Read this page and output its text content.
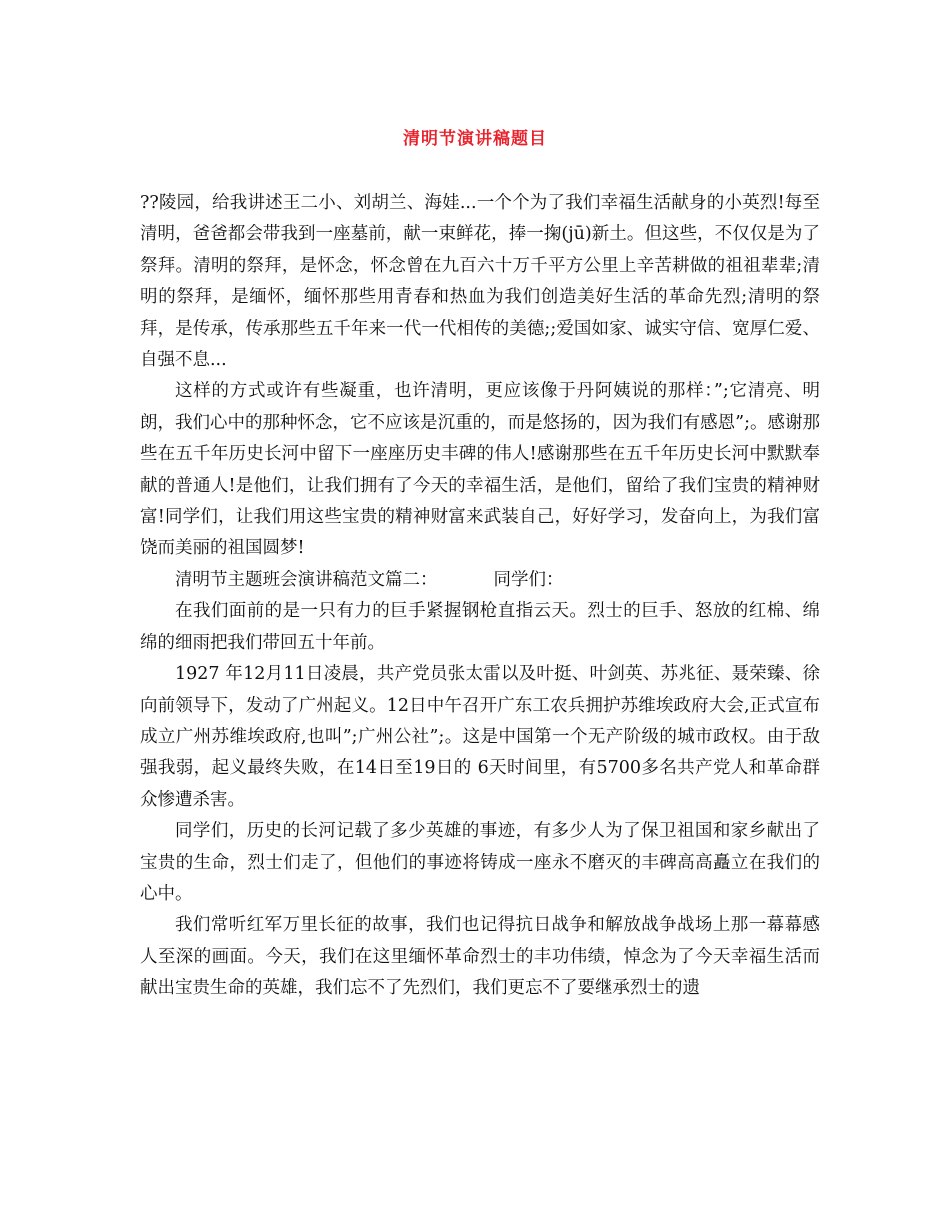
清明节演讲稿题目

??陵园，给我讲述王二小、刘胡兰、海娃...一个个为了我们幸福生活献身的小英烈!每至清明，爸爸都会带我到一座墓前，献一束鲜花，捧一掬(jū)新土。但这些，不仅仅是为了祭拜。清明的祭拜，是怀念，怀念曾在九百六十万千平方公里上辛苦耕做的祖祖辈辈;清明的祭拜，是缅怀，缅怀那些用青春和热血为我们创造美好生活的革命先烈;清明的祭拜，是传承，传承那些五千年来一代一代相传的美德;;爱国如家、诚实守信、宽厚仁爱、自强不息...

这样的方式或许有些凝重，也许清明，更应该像于丹阿姨说的那样：”;它清亮、明朗，我们心中的那种怀念，它不应该是沉重的，而是悠扬的，因为我们有感恩”;。感谢那些在五千年历史长河中留下一座座历史丰碑的伟人!感谢那些在五千年历史长河中默默奉献的普通人!是他们，让我们拥有了今天的幸福生活，是他们，留给了我们宝贵的精神财富!同学们，让我们用这些宝贵的精神财富来武装自己，好好学习，发奋向上，为我们富饶而美丽的祖国圆梦!

清明节主题班会演讲稿范文篇二：	同学们：

在我们面前的是一只有力的巨手紧握钢枪直指云天。烈士的巨手、怒放的红棉、绵绵的细雨把我们带回五十年前。

1927 年12月11日凌晨，共产党员张太雷以及叶挺、叶剑英、苏兆征、聂荣臻、徐向前领导下，发动了广州起义。12日中午召开广东工农兵拥护苏维埃政府大会,正式宣布成立广州苏维埃政府,也叫”;广州公社”;。这是中国第一个无产阶级的城市政权。由于敌强我弱，起义最终失败，在14日至19日的 6天时间里，有5700多名共产党人和革命群众惨遭杀害。

同学们，历史的长河记载了多少英雄的事迹，有多少人为了保卫祖国和家乡献出了宝贵的生命，烈士们走了，但他们的事迹将铸成一座永不磨灭的丰碑高高矗立在我们的心中。

我们常听红军万里长征的故事，我们也记得抗日战争和解放战争战场上那一幕幕感人至深的画面。今天，我们在这里缅怀革命烈士的丰功伟绩，悼念为了今天幸福生活而献出宝贵生命的英雄，我们忘不了先烈们，我们更忘不了要继承烈士的遗
